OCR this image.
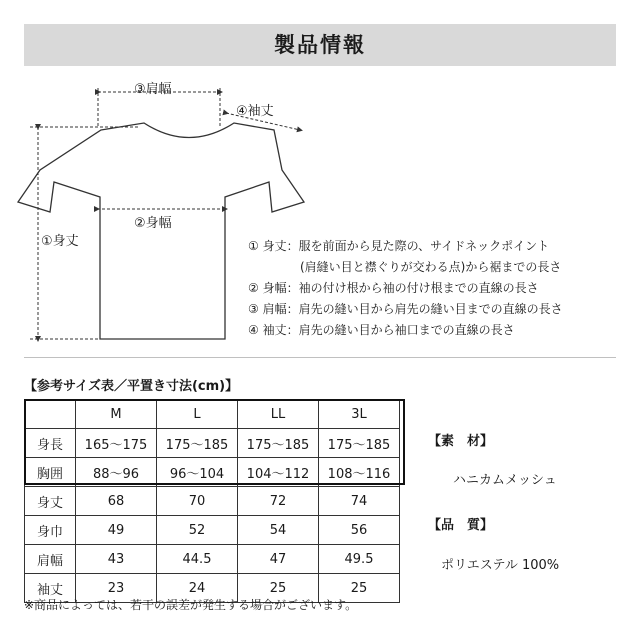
製品情報
③肩幅
④袖丈
②身幅
①身丈	① 身丈：服を前面から見た際の、サイドネックポイント
(肩縫い目と襟ぐりが交わる点)から裾までの長さ
② 身幅：袖の付け根から袖の付け根までの直線の長さ
③ 肩幅：肩先の縫い目から肩先の縫い目までの直線の長さ
④ 袖丈：肩先の縫い目から袖口までの直線の長さ
【参考サイズ表／平置き寸法(cm)】
	M	L	LL	3L
身長	165～175	175～185	175～185	175～185
胸囲	88～96	96～104	104～112	108～116
身丈	68	70	72	74
身巾	49	52	54	56
肩幅	43	44.5	47	49.5
袖丈	23	24	25	25
【素　材】
ハニカムメッシュ
【品　質】
ポリエステル 100%
※商品によっては、若干の誤差が発生する場合がございます。
